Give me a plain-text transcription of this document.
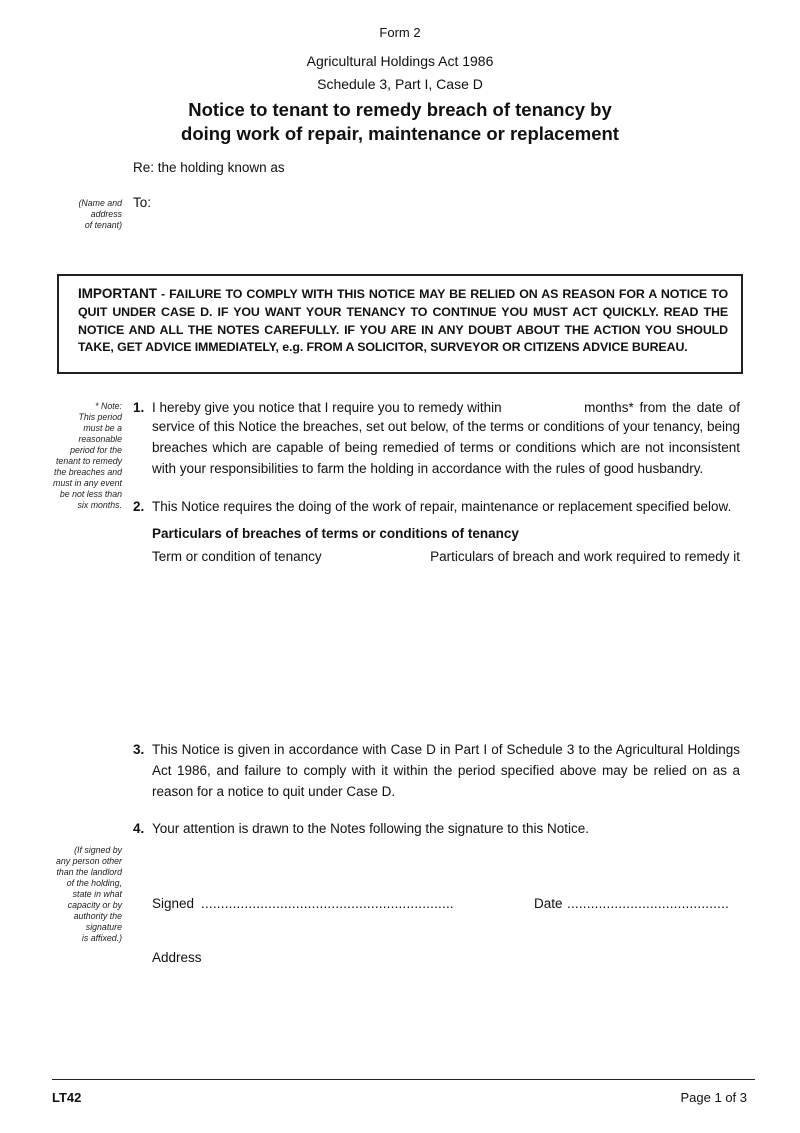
Form 2
Agricultural Holdings Act 1986
Schedule 3, Part I, Case D
Notice to tenant to remedy breach of tenancy by
doing work of repair, maintenance or replacement
Re: the holding known as
(Name and
address
of tenant)
To:
IMPORTANT - FAILURE TO COMPLY WITH THIS NOTICE MAY BE RELIED ON AS REASON FOR A NOTICE TO QUIT UNDER CASE D. IF YOU WANT YOUR TENANCY TO CONTINUE YOU MUST ACT QUICKLY. READ THE NOTICE AND ALL THE NOTES CAREFULLY. IF YOU ARE IN ANY DOUBT ABOUT THE ACTION YOU SHOULD TAKE, GET ADVICE IMMEDIATELY, e.g. FROM A SOLICITOR, SURVEYOR OR CITIZENS ADVICE BUREAU.
* Note:
This period
must be a
reasonable
period for the
tenant to remedy
the breaches and
must in any event
be not less than
six months.
1. I hereby give you notice that I require you to remedy within	months* from the date of
service of this Notice the breaches, set out below, of the terms or conditions of your tenancy, being breaches which are capable of being remedied of terms or conditions which are not inconsistent with your responsibilities to farm the holding in accordance with the rules of good husbandry.
2. This Notice requires the doing of the work of repair, maintenance or replacement specified below.
Particulars of breaches of terms or conditions of tenancy
Term or condition of tenancy	Particulars of breach and work required to remedy it
3. This Notice is given in accordance with Case D in Part I of Schedule 3 to the Agricultural Holdings Act 1986, and failure to comply with it within the period specified above may be relied on as a reason for a notice to quit under Case D.
4. Your attention is drawn to the Notes following the signature to this Notice.
(If signed by
any person other
than the landlord
of the holding,
state in what
capacity or by
authority the
signature
is affixed.)
Signed ................................................................	Date .........................................
Address
LT42	Page 1 of 3
